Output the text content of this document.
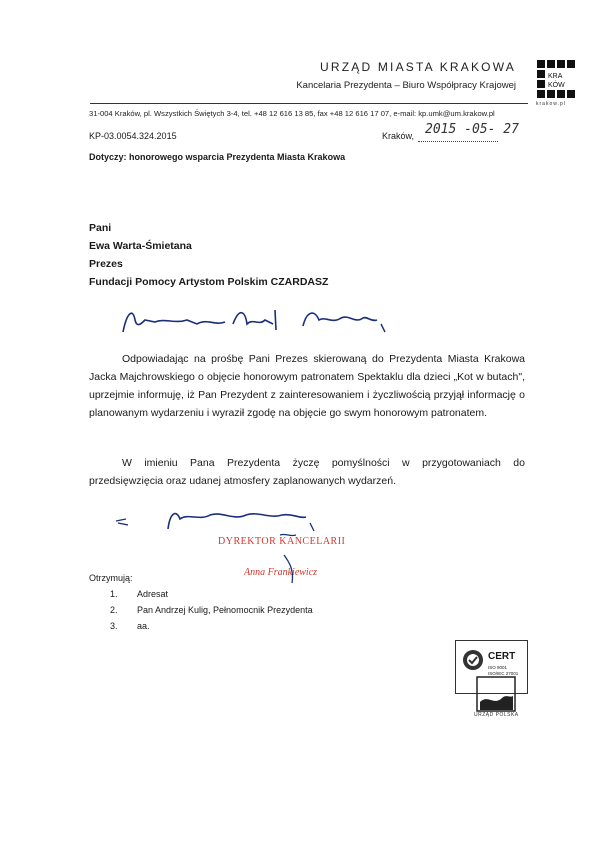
URZĄD MIASTA KRAKOWA
Kancelaria Prezydenta – Biuro Współpracy Krajowej
KRA
KÓW
krakow.pl
31-004 Kraków, pl. Wszystkich Świętych 3-4, tel. +48 12 616 13 85, fax +48 12 616 17 07, e-mail: kp.umk@um.krakow.pl
KP-03.0054.324.2015	Kraków, 2015 -05- 27
Dotyczy: honorowego wsparcia Prezydenta Miasta Krakowa
Pani
Ewa Warta-Śmietana
Prezes
Fundacji Pomocy Artystom Polskim CZARDASZ

Odpowiadając na prośbę Pani Prezes skierowaną do Prezydenta Miasta Krakowa Jacka Majchrowskiego o objęcie honorowym patronatem Spektaklu dla dzieci „Kot w butach", uprzejmie informuję, iż Pan Prezydent z zainteresowaniem i życzliwością przyjął informację o planowanym wydarzeniu i wyraził zgodę na objęcie go swym honorowym patronatem.

W imieniu Pana Prezydenta życzę pomyślności w przygotowaniach do przedsięwzięcia oraz udanej atmosfery zaplanowanych wydarzeń.

DYREKTOR KANCELARII
Anna Frankiewicz
Otrzymują:
1. Adresat
2. Pan Andrzej Kulig, Pełnomocnik Prezydenta
3. aa.
CERT
ISO 9001
ISO/IEC 27001
URZĄD POLSKA
